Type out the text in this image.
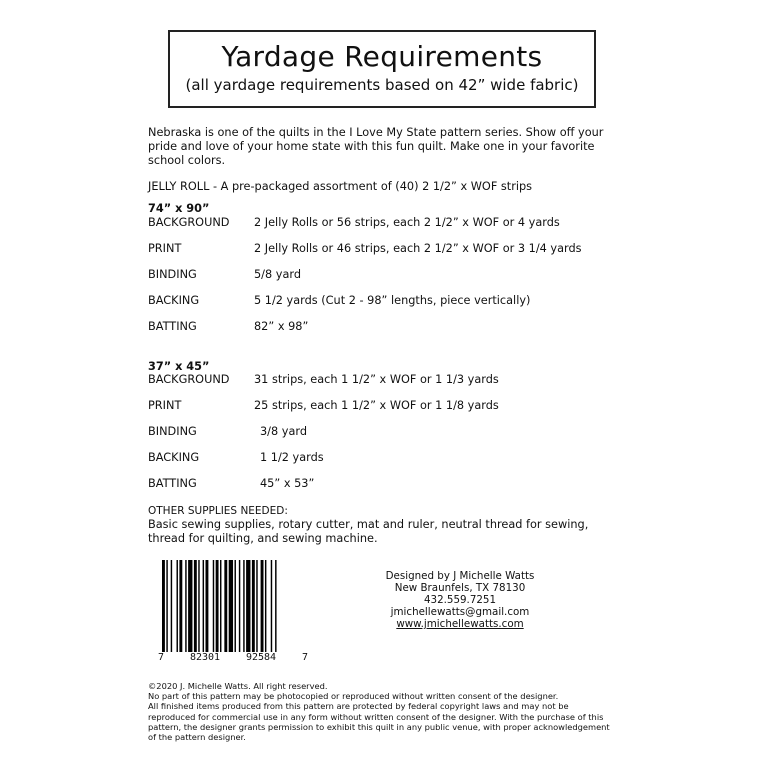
Yardage Requirements
(all yardage requirements based on 42” wide fabric)
Nebraska is one of the quilts in the I Love My State pattern series. Show off your pride and love of your home state with this fun quilt. Make one in your favorite school colors.
JELLY ROLL - A pre-packaged assortment of (40) 2 1/2” x WOF strips
74” x 90”
BACKGROUND 2 Jelly Rolls or 56 strips, each 2 1/2” x WOF or 4 yards
PRINT	2 Jelly Rolls or 46 strips, each 2 1/2” x WOF or 3 1/4 yards
BINDING	5/8 yard
BACKING	5 1/2 yards (Cut 2 - 98” lengths, piece vertically)
BATTING	82” x 98”
37” x 45”
BACKGROUND 31 strips, each 1 1/2” x WOF or 1 1/3 yards
PRINT	25 strips, each 1 1/2” x WOF or 1 1/8 yards
BINDING	3/8 yard
BACKING	1 1/2 yards
BATTING	45” x 53”
OTHER SUPPLIES NEEDED:
Basic sewing supplies, rotary cutter, mat and ruler, neutral thread for sewing, thread for quilting, and sewing machine.
7	82301	92584	7
Designed by J Michelle Watts
New Braunfels, TX 78130
432.559.7251
jmichellewatts@gmail.com
www.jmichellewatts.com
©2020 J. Michelle Watts. All right reserved.
No part of this pattern may be photocopied or reproduced without written consent of the designer.
All finished items produced from this pattern are protected by federal copyright laws and may not be reproduced for commercial use in any form without written consent of the designer. With the purchase of this pattern, the designer grants permission to exhibit this quilt in any public venue, with proper acknowledgement of the pattern designer.
